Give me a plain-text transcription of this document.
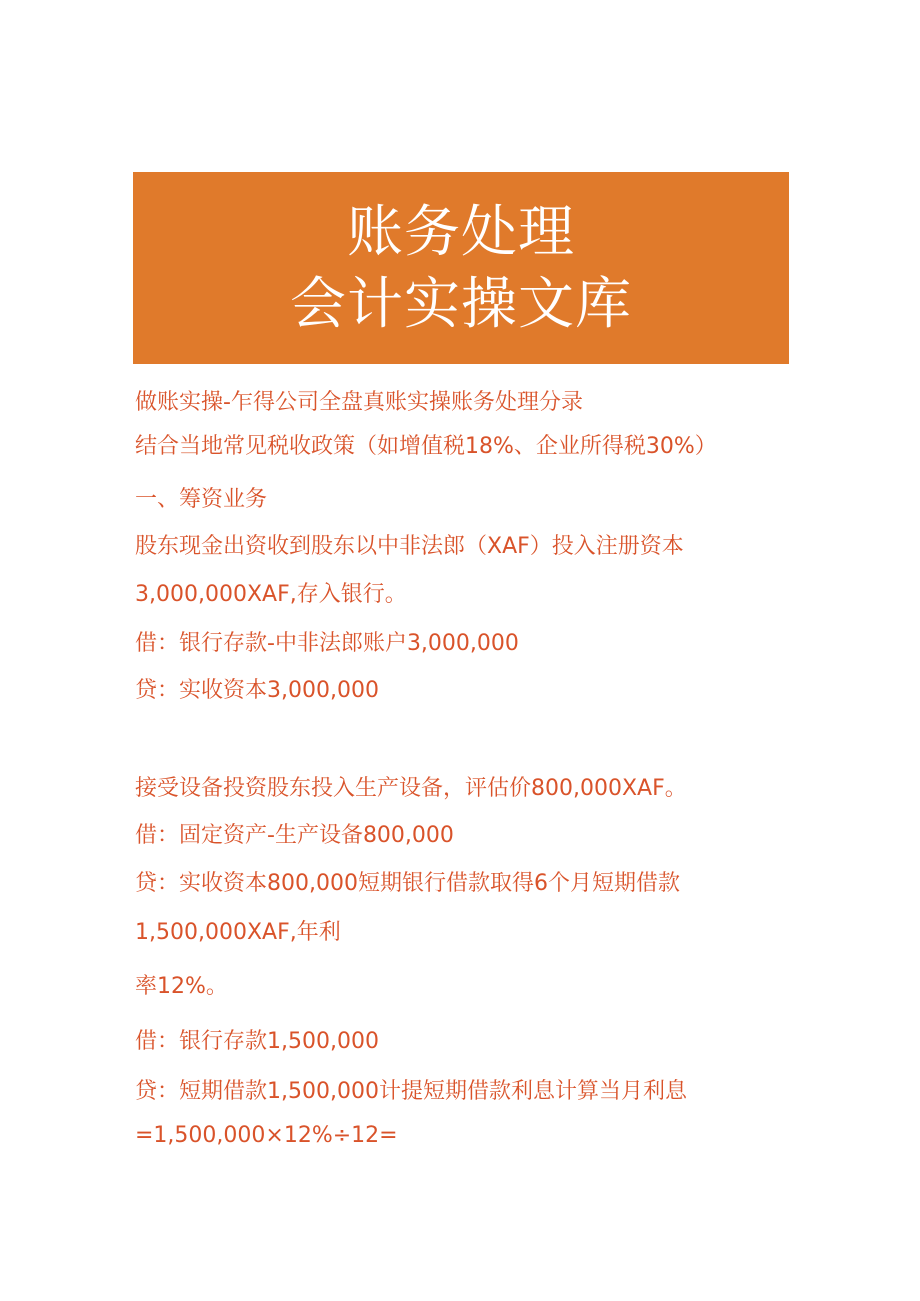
账务处理
会计实操文库
做账实操-乍得公司全盘真账实操账务处理分录
结合当地常见税收政策（如增值税18%、企业所得税30%）
一、筹资业务
股东现金出资收到股东以中非法郎（XAF）投入注册资本
3,000,000XAF,存入银行。
借：银行存款-中非法郎账户3,000,000
贷：实收资本3,000,000
接受设备投资股东投入生产设备，评估价800,000XAF。
借：固定资产-生产设备800,000
贷：实收资本800,000短期银行借款取得6个月短期借款
1,500,000XAF,年利
率12%。
借：银行存款1,500,000
贷：短期借款1,500,000计提短期借款利息计算当月利息
=1,500,000×12%÷12=
